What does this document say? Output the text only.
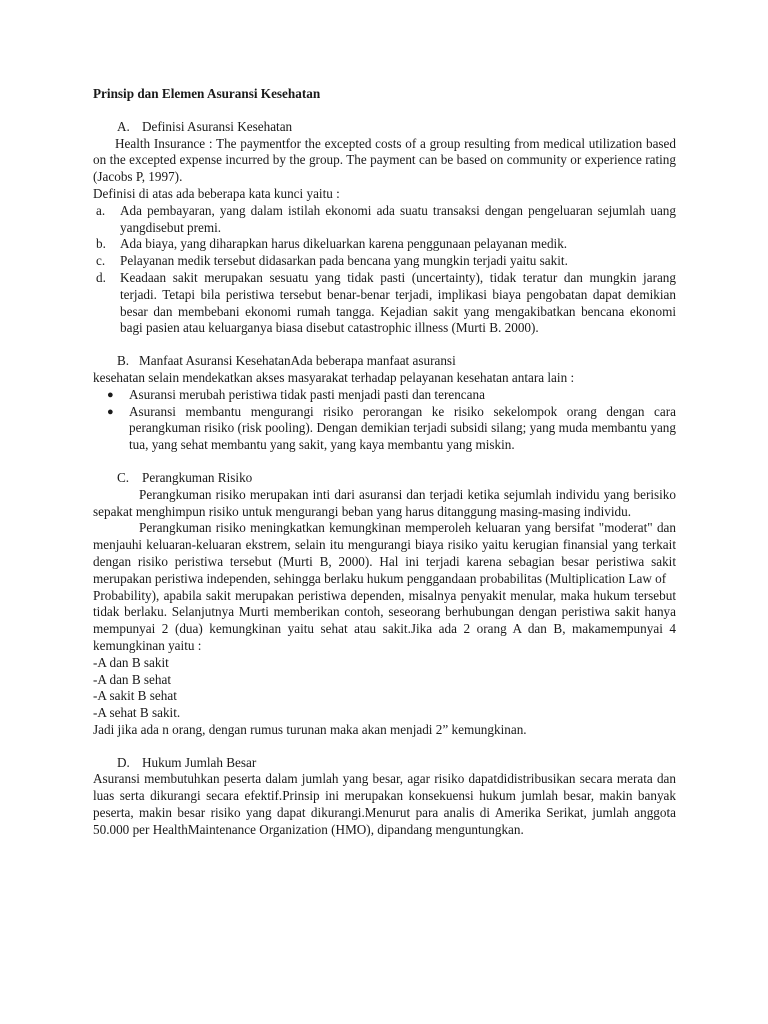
Prinsip dan Elemen Asuransi Kesehatan

A. Definisi Asuransi Kesehatan

Health Insurance : The paymentfor the excepted costs of a group resulting from medical utilization based on the excepted expense incurred by the group. The payment can be based on community or experience rating (Jacobs P, 1997).

Definisi di atas ada beberapa kata kunci yaitu :

a. Ada pembayaran, yang dalam istilah ekonomi ada suatu transaksi dengan pengeluaran sejumlah uang yangdisebut premi.
b. Ada biaya, yang diharapkan harus dikeluarkan karena penggunaan pelayanan medik.
c. Pelayanan medik tersebut didasarkan pada bencana yang mungkin terjadi yaitu sakit.
d. Keadaan sakit merupakan sesuatu yang tidak pasti (uncertainty), tidak teratur dan mungkin jarang terjadi. Tetapi bila peristiwa tersebut benar-benar terjadi, implikasi biaya pengobatan dapat demikian besar dan membebani ekonomi rumah tangga. Kejadian sakit yang mengakibatkan bencana ekonomi bagi pasien atau keluarganya biasa disebut catastrophic illness (Murti B. 2000).
B. Manfaat Asuransi KesehatanAda beberapa manfaat asuransi

kesehatan selain mendekatkan akses masyarakat terhadap pelayanan kesehatan antara lain :

● Asuransi merubah peristiwa tidak pasti menjadi pasti dan terencana
● Asuransi membantu mengurangi risiko perorangan ke risiko sekelompok orang dengan cara perangkuman risiko (risk pooling). Dengan demikian terjadi subsidi silang; yang muda membantu yang tua, yang sehat membantu yang sakit, yang kaya membantu yang miskin.
C. Perangkuman Risiko

Perangkuman risiko merupakan inti dari asuransi dan terjadi ketika sejumlah individu yang berisiko sepakat menghimpun risiko untuk mengurangi beban yang harus ditanggung masing-masing individu.

Perangkuman risiko meningkatkan kemungkinan memperoleh keluaran yang bersifat "moderat" dan menjauhi keluaran-keluaran ekstrem, selain itu mengurangi biaya risiko yaitu kerugian finansial yang terkait dengan risiko peristiwa tersebut (Murti B, 2000). Hal ini terjadi karena sebagian besar peristiwa sakit merupakan peristiwa independen, sehingga berlaku hukum penggandaan probabilitas (Multiplication Law of

Probability), apabila sakit merupakan peristiwa dependen, misalnya penyakit menular, maka hukum tersebut tidak berlaku. Selanjutnya Murti memberikan contoh, seseorang berhubungan dengan peristiwa sakit hanya mempunyai 2 (dua) kemungkinan yaitu sehat atau sakit.Jika ada 2 orang A dan B, makamempunyai 4 kemungkinan yaitu :

-A dan B sakit

-A dan B sehat

-A sakit B sehat

-A sehat B sakit.

Jadi jika ada n orang, dengan rumus turunan maka akan menjadi 2” kemungkinan.

D. Hukum Jumlah Besar

Asuransi membutuhkan peserta dalam jumlah yang besar, agar risiko dapatdidistribusikan secara merata dan luas serta dikurangi secara efektif.Prinsip ini merupakan konsekuensi hukum jumlah besar, makin banyak peserta, makin besar risiko yang dapat dikurangi.Menurut para analis di Amerika Serikat, jumlah anggota 50.000 per HealthMaintenance Organization (HMO), dipandang menguntungkan.
